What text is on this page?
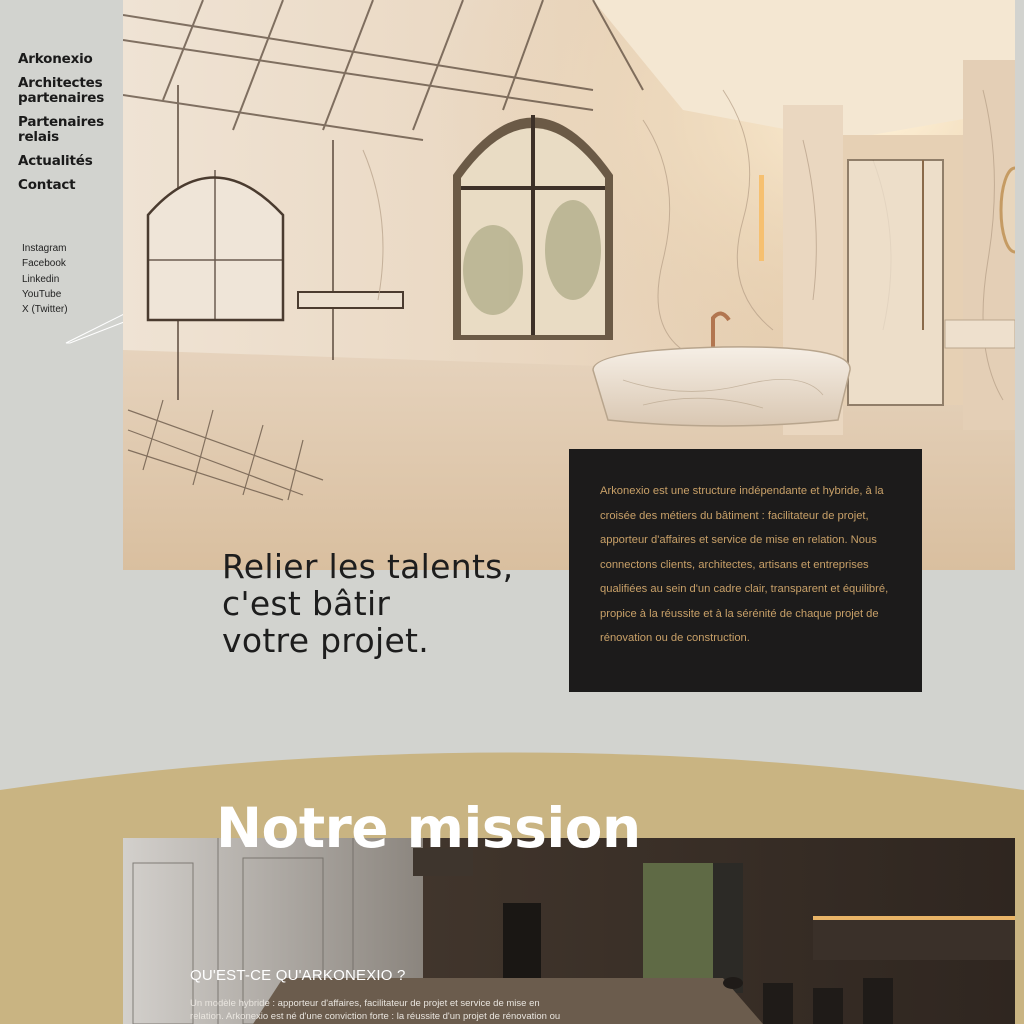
Arkonexio
Architectes partenaires
Partenaires relais
Actualités
Contact
Instagram
Facebook
Linkedin
YouTube
X (Twitter)
Relier les talents,
c'est bâtir
votre projet.

Arkonexio est une structure indépendante et hybride, à la croisée des métiers du bâtiment : facilitateur de projet, apporteur d'affaires et service de mise en relation. Nous connectons clients, architectes, artisans et entreprises qualifiées au sein d'un cadre clair, transparent et équilibré, propice à la réussite et à la sérénité de chaque projet de rénovation ou de construction.

Notre mission
QU'EST-CE QU'ARKONEXIO ?
Un modèle hybride : apporteur d'affaires, facilitateur de projet et service de mise en relation. Arkonexio est né d'une conviction forte : la réussite d'un projet de rénovation ou
